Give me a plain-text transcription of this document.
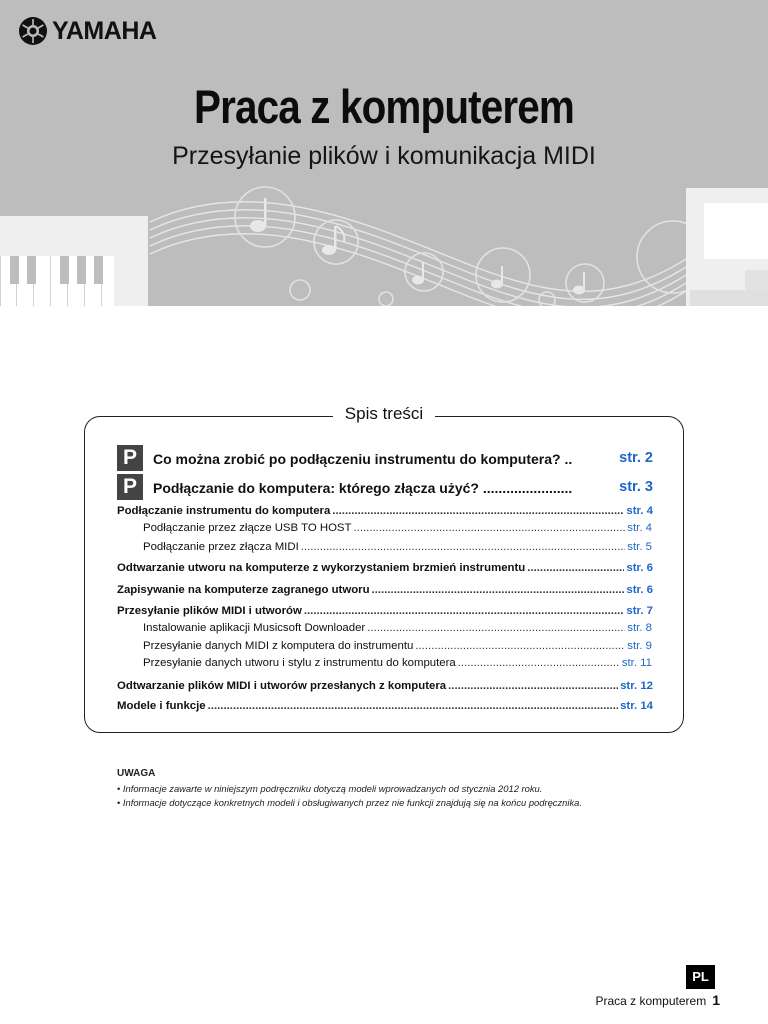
YAMAHA
Praca z komputerem
Przesyłanie plików i komunikacja MIDI
Spis treści
P	Co można zrobić po podłączeniu instrumentu do komputera? ..	str. 2
P	Podłączanie do komputera: którego złącza użyć? .......................	str. 3
Podłączanie instrumentu do komputera .....	str. 4
Podłączanie przez złącze USB TO HOST .....	str. 4
Podłączanie przez złącza MIDI .....	str. 5
Odtwarzanie utworu na komputerze z wykorzystaniem brzmień instrumentu .....	str. 6
Zapisywanie na komputerze zagranego utworu .....	str. 6
Przesyłanie plików MIDI i utworów .....	str. 7
Instalowanie aplikacji Musicsoft Downloader .....	str. 8
Przesyłanie danych MIDI z komputera do instrumentu .....	str. 9
Przesyłanie danych utworu i stylu z instrumentu do komputera .....	str. 11
Odtwarzanie plików MIDI i utworów przesłanych z komputera .....	str. 12
Modele i funkcje .....	str. 14
UWAGA
• Informacje zawarte w niniejszym podręczniku dotyczą modeli wprowadzanych od stycznia 2012 roku.
• Informacje dotyczące konkretnych modeli i obsługiwanych przez nie funkcji znajdują się na końcu podręcznika.
PL
Praca z komputerem 1
